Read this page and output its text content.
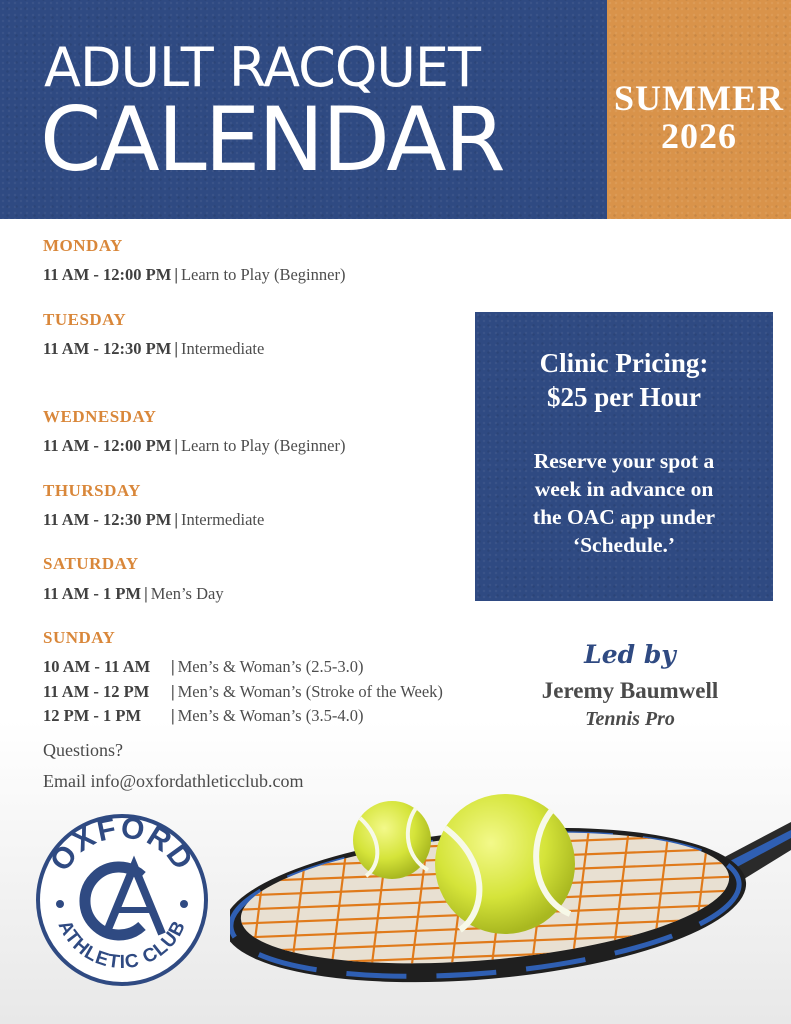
ADULT RACQUET
CALENDAR	SUMMER
2026
MONDAY
11 AM - 12:00 PM | Learn to Play (Beginner)
TUESDAY
11 AM - 12:30 PM | Intermediate
WEDNESDAY
11 AM - 12:00 PM | Learn to Play (Beginner)
THURSDAY
11 AM - 12:30 PM | Intermediate
SATURDAY
11 AM - 1 PM | Men’s Day
SUNDAY
10 AM - 11 AM | Men’s & Woman’s (2.5-3.0)
11 AM - 12 PM | Men’s & Woman’s (Stroke of the Week)
12 PM - 1 PM | Men’s & Woman’s (3.5-4.0)
Questions?
Email info@oxfordathleticclub.com
Clinic Pricing:
$25 per Hour
Reserve your spot a
week in advance on
the OAC app under
‘Schedule.’
Led by
Jeremy Baumwell
Tennis Pro
OXFORD
ATHLETIC CLUB
